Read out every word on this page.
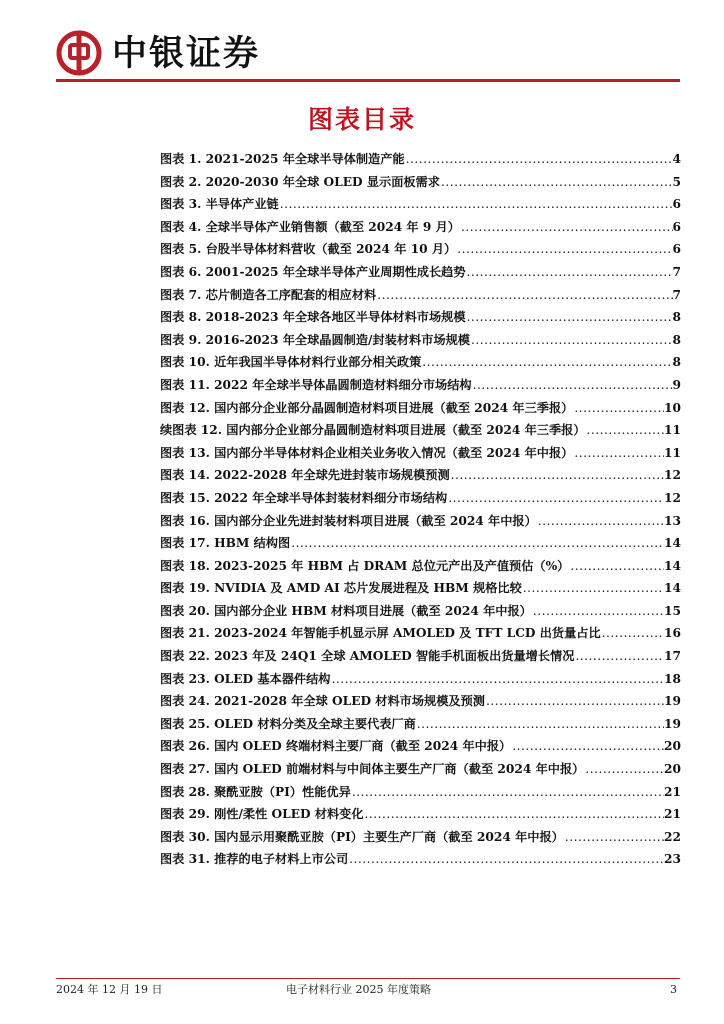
中银证券
图表目录
图表 1. 2021-2025 年全球半导体制造产能 .....	4
图表 2. 2020-2030 年全球 OLED 显示面板需求 .....	5
图表 3. 半导体产业链 .....	6
图表 4. 全球半导体产业销售额（截至 2024 年 9 月） .....	6
图表 5. 台股半导体材料营收（截至 2024 年 10 月） .....	6
图表 6. 2001-2025 年全球半导体产业周期性成长趋势 .....	7
图表 7. 芯片制造各工序配套的相应材料 .....	7
图表 8. 2018-2023 年全球各地区半导体材料市场规模 .....	8
图表 9. 2016-2023 年全球晶圆制造/封装材料市场规模 .....	8
图表 10. 近年我国半导体材料行业部分相关政策 .....	8
图表 11. 2022 年全球半导体晶圆制造材料细分市场结构 .....	9
图表 12. 国内部分企业部分晶圆制造材料项目进展（截至 2024 年三季报） .....	10
续图表 12. 国内部分企业部分晶圆制造材料项目进展（截至 2024 年三季报） .....	11
图表 13. 国内部分半导体材料企业相关业务收入情况（截至 2024 年中报） .....	11
图表 14. 2022-2028 年全球先进封装市场规模预测 .....	12
图表 15. 2022 年全球半导体封装材料细分市场结构 .....	12
图表 16. 国内部分企业先进封装材料项目进展（截至 2024 年中报） .....	13
图表 17. HBM 结构图 .....	14
图表 18. 2023-2025 年 HBM 占 DRAM 总位元产出及产值预估（%） .....	14
图表 19. NVIDIA 及 AMD AI 芯片发展进程及 HBM 规格比较 .....	14
图表 20. 国内部分企业 HBM 材料项目进展（截至 2024 年中报） .....	15
图表 21. 2023-2024 年智能手机显示屏 AMOLED 及 TFT LCD 出货量占比 .....	16
图表 22. 2023 年及 24Q1 全球 AMOLED 智能手机面板出货量增长情况 .....	17
图表 23. OLED 基本器件结构 .....	18
图表 24. 2021-2028 年全球 OLED 材料市场规模及预测 .....	19
图表 25. OLED 材料分类及全球主要代表厂商 .....	19
图表 26. 国内 OLED 终端材料主要厂商（截至 2024 年中报） .....	20
图表 27. 国内 OLED 前端材料与中间体主要生产厂商（截至 2024 年中报） .....	20
图表 28. 聚酰亚胺（PI）性能优异 .....	21
图表 29. 刚性/柔性 OLED 材料变化 .....	21
图表 30. 国内显示用聚酰亚胺（PI）主要生产厂商（截至 2024 年中报） .....	22
图表 31. 推荐的电子材料上市公司 .....	23
2024 年 12 月 19 日	电子材料行业 2025 年度策略	3
